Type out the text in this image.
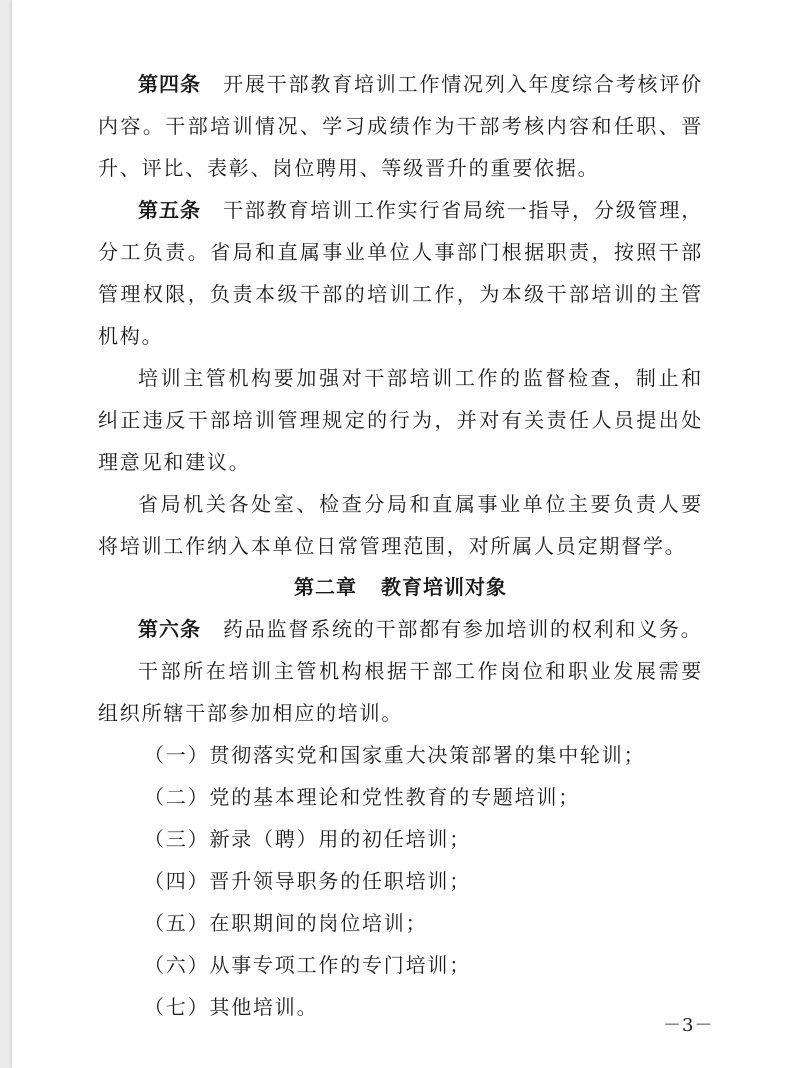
第四条 开展干部教育培训工作情况列入年度综合考核评价内容。干部培训情况、学习成绩作为干部考核内容和任职、晋升、评比、表彰、岗位聘用、等级晋升的重要依据。

第五条 干部教育培训工作实行省局统一指导，分级管理，分工负责。省局和直属事业单位人事部门根据职责，按照干部管理权限，负责本级干部的培训工作，为本级干部培训的主管机构。

培训主管机构要加强对干部培训工作的监督检查，制止和纠正违反干部培训管理规定的行为，并对有关责任人员提出处理意见和建议。

省局机关各处室、检查分局和直属事业单位主要负责人要将培训工作纳入本单位日常管理范围，对所属人员定期督学。

第二章 教育培训对象

第六条 药品监督系统的干部都有参加培训的权利和义务。

干部所在培训主管机构根据干部工作岗位和职业发展需要组织所辖干部参加相应的培训。

（一）贯彻落实党和国家重大决策部署的集中轮训；

（二）党的基本理论和党性教育的专题培训；

（三）新录（聘）用的初任培训；

（四）晋升领导职务的任职培训；

（五）在职期间的岗位培训；

（六）从事专项工作的专门培训；

（七）其他培训。

－3－
